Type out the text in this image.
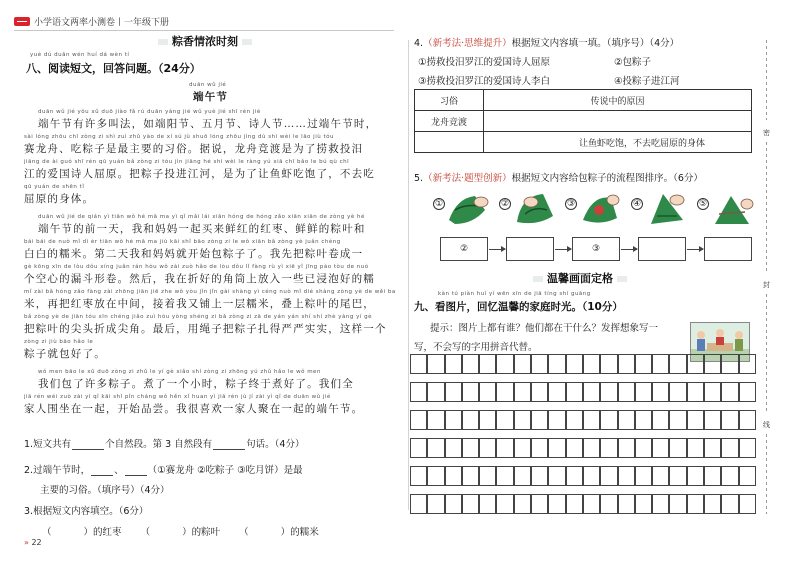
小学语文两率小测卷丨一年级下册
粽香情浓时刻
yuè dú duǎn wén huí dá wèn tí
八、阅读短文，回答问题。（24分）
duān wǔ jié
端午节
duān wǔ jié yǒu xǔ duō jiào fǎ rú duān yáng jié wǔ yuè jié shī rén jié
端午节有许多叫法，如端阳节、五月节、诗人节……过端午节时，
sài lóng zhōu chī zòng zi shì zuì zhǔ yào de xí sú jù shuō lóng zhōu jìng dù shì wèi le lāo jiù tóu
赛龙舟、吃粽子是最主要的习俗。据说，龙舟竞渡是为了捞救投汨
jiāng de ài guó shī rén qū yuán bǎ zòng zi tóu jìn jiāng hé shì wèi le ràng yú xiā chī bǎo le bú qù chī
江的爱国诗人屈原。把粽子投进江河，是为了让鱼虾吃饱了，不去吃
qū yuán de shēn tǐ
屈原的身体。
duān wǔ jié de qián yì tiān wǒ hé mā ma yì qǐ mǎi lái xiān hóng de hóng zǎo xiān xiān de zòng yè hé
端午节的前一天，我和妈妈一起买来鲜红的红枣、鲜鲜的粽叶和
bái bái de nuò mǐ dì èr tiān wǒ hé mā ma jiù kāi shǐ bāo zòng zi le wǒ xiān bǎ zòng yè juǎn chéng
白白的糯米。第二天我和妈妈就开始包粽子了。我先把粽叶卷成一
gè kōng xīn de lòu dǒu xíng juǎn rán hòu wǒ zài zuò hǎo de lòu dǒu lǐ fàng rù yì xiē yǐ jīng pào tòu de nuò
个空心的漏斗形卷。然后，我在折好的角筒上放入一些已浸泡好的糯
mǐ zài bǎ hóng zǎo fàng zài zhōng jiān jiē zhe wǒ yòu jǐn jǐn gài shàng yì céng nuò mǐ dié shàng zòng yè de wěi ba
米，再把红枣放在中间，接着我又铺上一层糯米，叠上粽叶的尾巴，
bǎ zòng yè de jiān tóu xīn chéng jiǎo zuì hòu yòng shéng zi bǎ zòng zi zā de yán yán shí shí zhè yàng yí gè
把粽叶的尖头折成尖角。最后，用绳子把粽子扎得严严实实，这样一个
zòng zi jiù bāo hǎo le
粽子就包好了。
wǒ men bāo le xǔ duō zòng zi zhǔ le yí gè xiǎo shí zòng zi zhōng yú zhǔ hǎo le wǒ men
我们包了许多粽子。煮了一个小时，粽子终于煮好了。我们全
jiā rén wéi zuò zài yì qǐ kāi shǐ pǐn cháng wǒ hěn xǐ huan yì jiā rén jù jí zài yì qǐ de duān wǔ jié
家人围坐在一起，开始品尝。我很喜欢一家人聚在一起的端午节。
1.短文共有	个自然段。第 3 自然段有	句话。（4分）
2.过端午节时，	、	（①赛龙舟 ②吃粽子 ③吃月饼）是最
主要的习俗。（填序号）（4分）
3.根据短文内容填空。（6分）
（	）的红枣 （	）的粽叶 （	）的糯米
» 22
4.（新考法·思维提升）根据短文内容填一填。（填序号）（4分）
①捞救投汨罗江的爱国诗人屈原	②包粽子
③捞救投汨罗江的爱国诗人李白	④投粽子进江河
习俗	传说中的原因
龙舟竞渡	
	让鱼虾吃饱，不去吃屈原的身体
5.（新考法·题型创新）根据短文内容给包粽子的流程图排序。（6分）
①	②	③	④	⑤
②	③
温馨画面定格
kàn tú piàn huí yì wēn xīn de jiā tíng shí guāng
九、看图片，回忆温馨的家庭时光。（10分）
提示：图片上都有谁？他们都在干什么？发挥想象写一
写，不会写的字用拼音代替。
密
封
线
